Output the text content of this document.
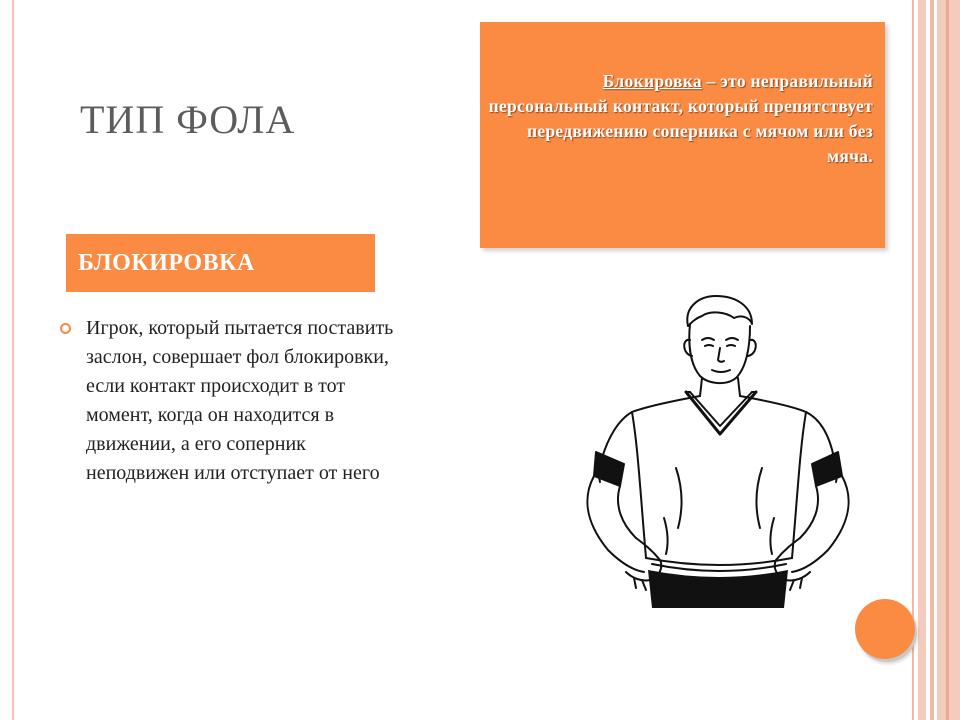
ТИП ФОЛА
БЛОКИРОВКА
Игрок, который пытается поставить заслон, совершает фол блокировки, если контакт происходит в тот момент, когда он находится в движении, а его соперник неподвижен или отступает от него
Блокировка – это неправильный персональный контакт, который препятствует передвижению соперника с мячом или без мяча.
